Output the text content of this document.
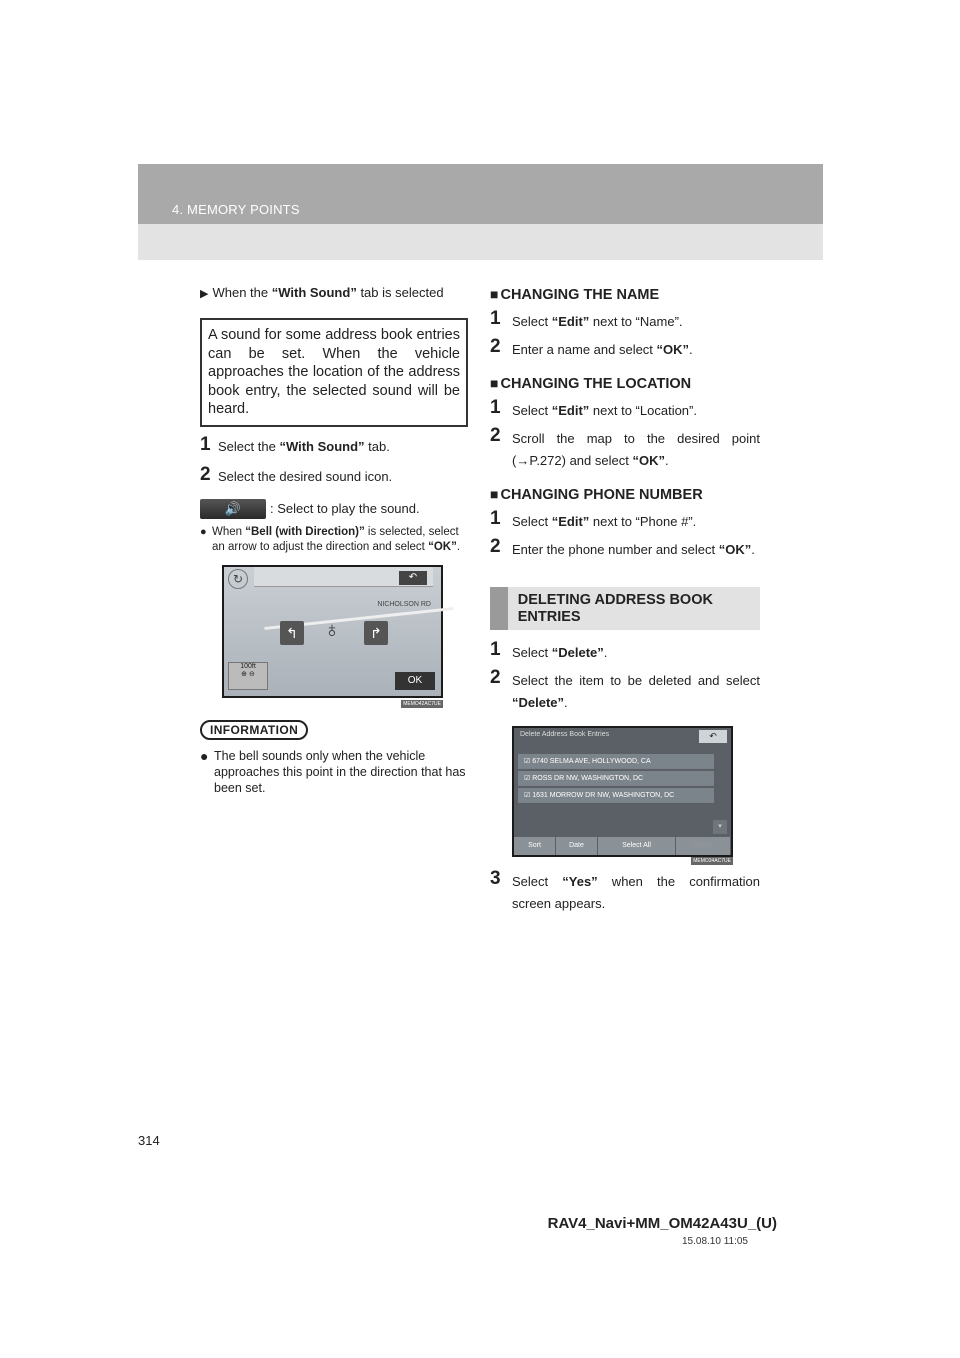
4. MEMORY POINTS
▶ When the “With Sound” tab is selected
A sound for some address book entries can be set. When the vehicle approaches the location of the address book entry, the selected sound will be heard.
1 Select the “With Sound” tab.
2 Select the desired sound icon.
🔊 : Select to play the sound.
● When “Bell (with Direction)” is selected, select an arrow to adjust the direction and select “OK”.
↻	↶
NICHOLSON RD
↰ ♁	↱
100ft
⊕ ⊖
OK
MEMO42AC7UE
INFORMATION
● The bell sounds only when the vehicle approaches this point in the direction that has been set.
■ CHANGING THE NAME
1 Select “Edit” next to “Name”.
2 Enter a name and select “OK”.
■ CHANGING THE LOCATION
1 Select “Edit” next to “Location”.
2 Scroll the map to the desired point (→P.272) and select “OK”.
■ CHANGING PHONE NUMBER
1 Select “Edit” next to “Phone #”.
2 Enter the phone number and select “OK”.
DELETING ADDRESS BOOK ENTRIES
1 Select “Delete”.
2 Select the item to be deleted and select “Delete”.
Delete Address Book Entries	↶
☑ 6740 SELMA AVE, HOLLYWOOD, CA
☑ ROSS DR NW, WASHINGTON, DC
☑ 1631 MORROW DR NW, WASHINGTON, DC
▾
Sort	Date	Select All	Delete
MEMO34AC7UE
3 Select “Yes” when the confirmation screen appears.
314
RAV4_Navi+MM_OM42A43U_(U)
15.08.10 11:05
